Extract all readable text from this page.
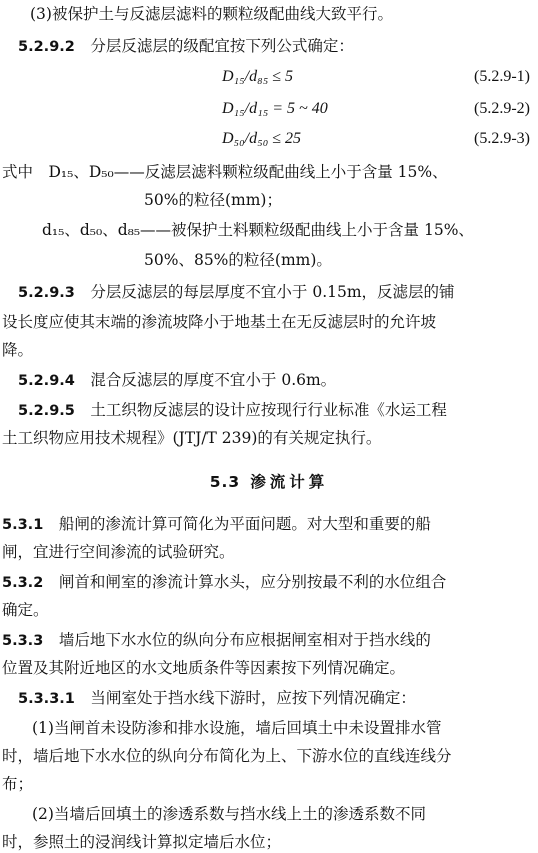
(3)被保护土与反滤层滤料的颗粒级配曲线大致平行。
5.2.9.2　 分层反滤层的级配宜按下列公式确定：
D₁₅/d₈₅ ≤ 5	(5.2.9-1)
D₁₅/d₁₅ = 5 ~ 40	(5.2.9-2)
D₅₀/d₅₀ ≤ 25	(5.2.9-3)
式中　D₁₅、D₅₀——反滤层滤料颗粒级配曲线上小于含量 15%、
50%的粒径(mm)；
d₁₅、d₅₀、d₈₅——被保护土料颗粒级配曲线上小于含量 15%、
50%、85%的粒径(mm)。
5.2.9.3　 分层反滤层的每层厚度不宜小于 0.15m，反滤层的铺
设长度应使其末端的渗流坡降小于地基土在无反滤层时的允许坡
降。
5.2.9.4　 混合反滤层的厚度不宜小于 0.6m。
5.2.9.5　 土工织物反滤层的设计应按现行行业标准《水运工程
土工织物应用技术规程》(JTJ/T 239)的有关规定执行。
5.3 渗流计算
5.3.1　 船闸的渗流计算可简化为平面问题。对大型和重要的船
闸，宜进行空间渗流的试验研究。
5.3.2　 闸首和闸室的渗流计算水头，应分别按最不利的水位组合
确定。
5.3.3　 墙后地下水水位的纵向分布应根据闸室相对于挡水线的
位置及其附近地区的水文地质条件等因素按下列情况确定。
5.3.3.1　 当闸室处于挡水线下游时，应按下列情况确定：
(1)当闸首未设防渗和排水设施，墙后回填土中未设置排水管
时，墙后地下水水位的纵向分布简化为上、下游水位的直线连线分
布；
(2)当墙后回填土的渗透系数与挡水线上土的渗透系数不同
时，参照土的浸润线计算拟定墙后水位；
